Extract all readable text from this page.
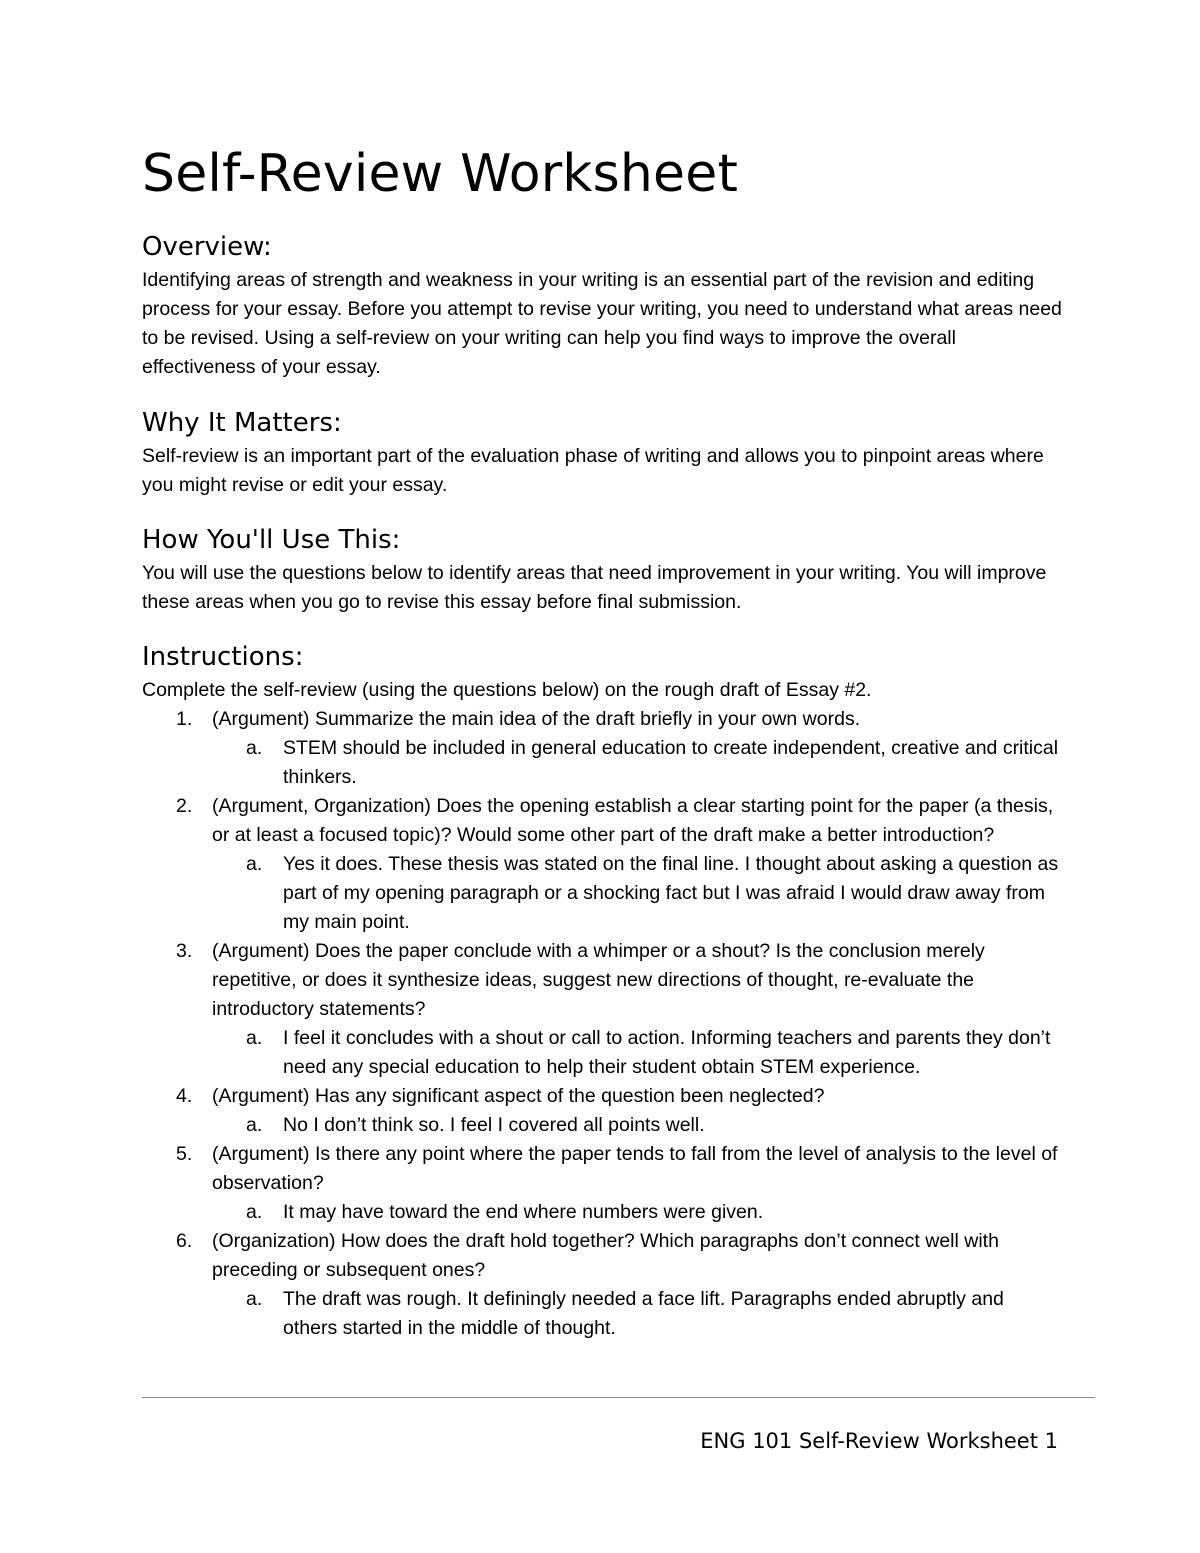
Self-Review Worksheet
Overview:

Identifying areas of strength and weakness in your writing is an essential part of the revision and editing process for your essay. Before you attempt to revise your writing, you need to understand what areas need to be revised. Using a self-review on your writing can help you find ways to improve the overall effectiveness of your essay.

Why It Matters:

Self-review is an important part of the evaluation phase of writing and allows you to pinpoint areas where you might revise or edit your essay.

How You'll Use This:

You will use the questions below to identify areas that need improvement in your writing. You will improve these areas when you go to revise this essay before final submission.

Instructions:

Complete the self-review (using the questions below) on the rough draft of Essay #2.

1. (Argument) Summarize the main idea of the draft briefly in your own words.
a. STEM should be included in general education to create independent, creative and critical thinkers.
2. (Argument, Organization) Does the opening establish a clear starting point for the paper (a thesis, or at least a focused topic)? Would some other part of the draft make a better introduction?
a. Yes it does. These thesis was stated on the final line. I thought about asking a question as part of my opening paragraph or a shocking fact but I was afraid I would draw away from my main point.
3. (Argument) Does the paper conclude with a whimper or a shout? Is the conclusion merely repetitive, or does it synthesize ideas, suggest new directions of thought, re-evaluate the introductory statements?
a. I feel it concludes with a shout or call to action. Informing teachers and parents they don’t need any special education to help their student obtain STEM experience.
4. (Argument) Has any significant aspect of the question been neglected?
a. No I don’t think so. I feel I covered all points well.
5. (Argument) Is there any point where the paper tends to fall from the level of analysis to the level of observation?
a. It may have toward the end where numbers were given.
6. (Organization) How does the draft hold together? Which paragraphs don’t connect well with preceding or subsequent ones?
a. The draft was rough. It definingly needed a face lift. Paragraphs ended abruptly and others started in the middle of thought.
ENG 101 Self-Review Worksheet 1
